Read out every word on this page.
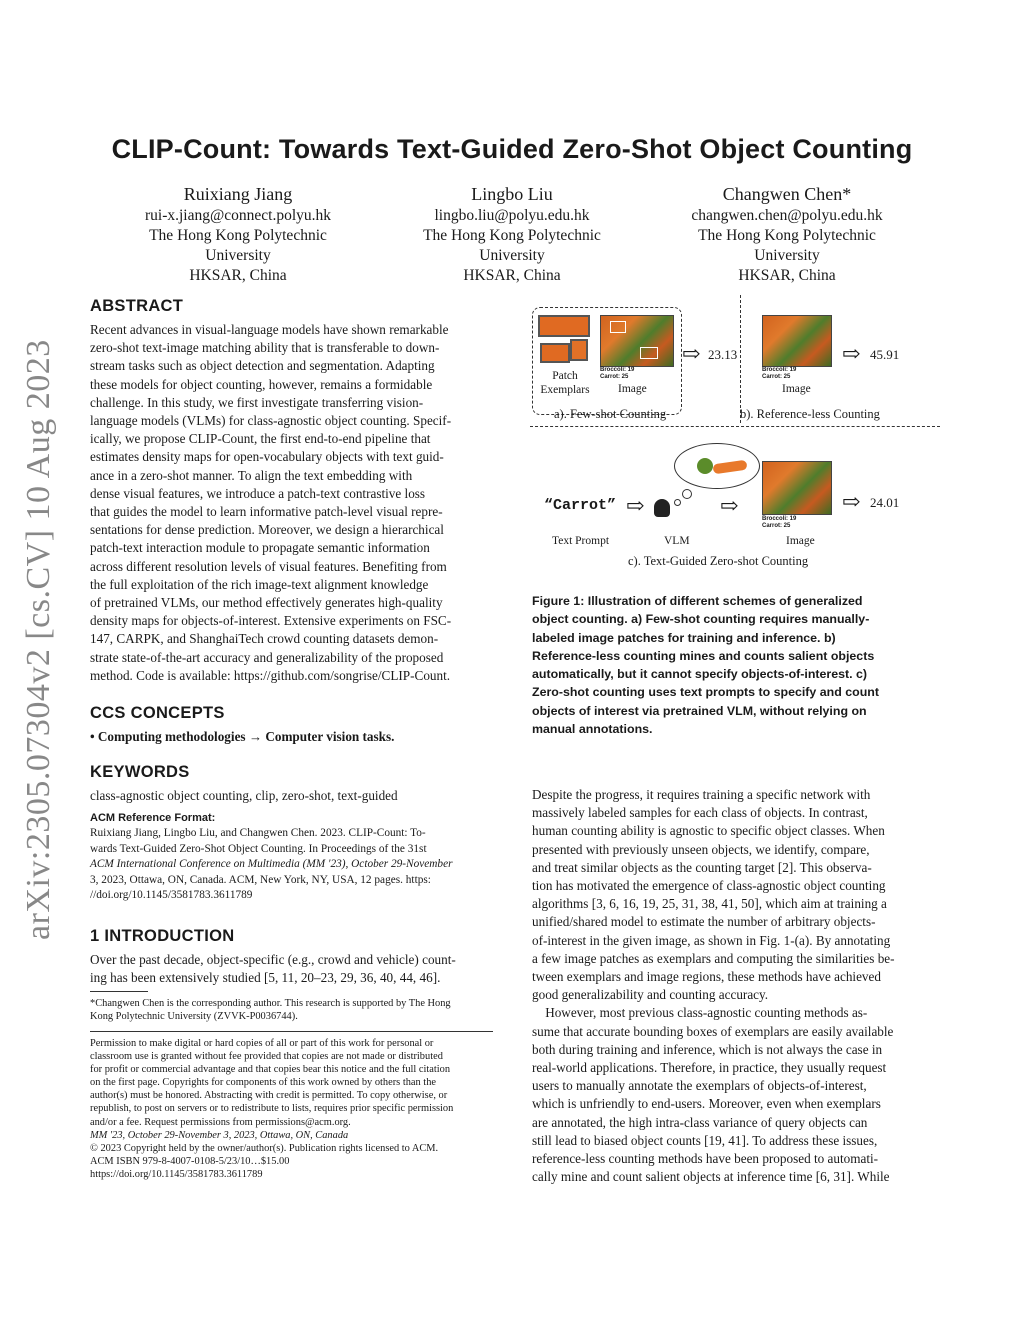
arXiv:2305.07304v2 [cs.CV] 10 Aug 2023
CLIP-Count: Towards Text-Guided Zero-Shot Object Counting
Ruixiang Jiang
rui-x.jiang@connect.polyu.hk
The Hong Kong Polytechnic
University
HKSAR, China
Lingbo Liu
lingbo.liu@polyu.edu.hk
The Hong Kong Polytechnic
University
HKSAR, China
Changwen Chen*
changwen.chen@polyu.edu.hk
The Hong Kong Polytechnic
University
HKSAR, China
ABSTRACT
Recent advances in visual-language models have shown remarkable
zero-shot text-image matching ability that is transferable to down-
stream tasks such as object detection and segmentation. Adapting
these models for object counting, however, remains a formidable
challenge. In this study, we first investigate transferring vision-
language models (VLMs) for class-agnostic object counting. Specif-
ically, we propose CLIP-Count, the first end-to-end pipeline that
estimates density maps for open-vocabulary objects with text guid-
ance in a zero-shot manner. To align the text embedding with
dense visual features, we introduce a patch-text contrastive loss
that guides the model to learn informative patch-level visual repre-
sentations for dense prediction. Moreover, we design a hierarchical
patch-text interaction module to propagate semantic information
across different resolution levels of visual features. Benefiting from
the full exploitation of the rich image-text alignment knowledge
of pretrained VLMs, our method effectively generates high-quality
density maps for objects-of-interest. Extensive experiments on FSC-
147, CARPK, and ShanghaiTech crowd counting datasets demon-
strate state-of-the-art accuracy and generalizability of the proposed
method. Code is available: https://github.com/songrise/CLIP-Count.
CCS CONCEPTS
• Computing methodologies → Computer vision tasks.
KEYWORDS
class-agnostic object counting, clip, zero-shot, text-guided
ACM Reference Format:
Ruixiang Jiang, Lingbo Liu, and Changwen Chen. 2023. CLIP-Count: To-
wards Text-Guided Zero-Shot Object Counting. In Proceedings of the 31st
ACM International Conference on Multimedia (MM '23), October 29-November
3, 2023, Ottawa, ON, Canada. ACM, New York, NY, USA, 12 pages. https:
//doi.org/10.1145/3581783.3611789
1 INTRODUCTION
Over the past decade, object-specific (e.g., crowd and vehicle) count-
ing has been extensively studied [5, 11, 20–23, 29, 36, 40, 44, 46].
*Changwen Chen is the corresponding author. This research is supported by The Hong
Kong Polytechnic University (ZVVK-P0036744).
Permission to make digital or hard copies of all or part of this work for personal or
classroom use is granted without fee provided that copies are not made or distributed
for profit or commercial advantage and that copies bear this notice and the full citation
on the first page. Copyrights for components of this work owned by others than the
author(s) must be honored. Abstracting with credit is permitted. To copy otherwise, or
republish, to post on servers or to redistribute to lists, requires prior specific permission
and/or a fee. Request permissions from permissions@acm.org.
MM '23, October 29-November 3, 2023, Ottawa, ON, Canada
© 2023 Copyright held by the owner/author(s). Publication rights licensed to ACM.
ACM ISBN 979-8-4007-0108-5/23/10…$15.00
https://doi.org/10.1145/3581783.3611789
Patch
Exemplars
Broccoli: 19
Carrot: 25
Image
⇨ 23.13
a). Few-shot Counting
Broccoli: 19
Carrot: 25
Image
⇨ 45.91
b). Reference-less Counting
“Carrot” ⇨	⇨
Broccoli: 19
Carrot: 25
⇨ 24.01
Text Prompt	VLM	Image
c). Text-Guided Zero-shot Counting
Figure 1: Illustration of different schemes of generalized
object counting. a) Few-shot counting requires manually-
labeled image patches for training and inference. b)
Reference-less counting mines and counts salient objects
automatically, but it cannot specify objects-of-interest. c)
Zero-shot counting uses text prompts to specify and count
objects of interest via pretrained VLM, without relying on
manual annotations.
Despite the progress, it requires training a specific network with
massively labeled samples for each class of objects. In contrast,
human counting ability is agnostic to specific object classes. When
presented with previously unseen objects, we identify, compare,
and treat similar objects as the counting target [2]. This observa-
tion has motivated the emergence of class-agnostic object counting
algorithms [3, 6, 16, 19, 25, 31, 38, 41, 50], which aim at training a
unified/shared model to estimate the number of arbitrary objects-
of-interest in the given image, as shown in Fig. 1-(a). By annotating
a few image patches as exemplars and computing the similarities be-
tween exemplars and image regions, these methods have achieved
good generalizability and counting accuracy.
However, most previous class-agnostic counting methods as-
sume that accurate bounding boxes of exemplars are easily available
both during training and inference, which is not always the case in
real-world applications. Therefore, in practice, they usually request
users to manually annotate the exemplars of objects-of-interest,
which is unfriendly to end-users. Moreover, even when exemplars
are annotated, the high intra-class variance of query objects can
still lead to biased object counts [19, 41]. To address these issues,
reference-less counting methods have been proposed to automati-
cally mine and count salient objects at inference time [6, 31]. While
